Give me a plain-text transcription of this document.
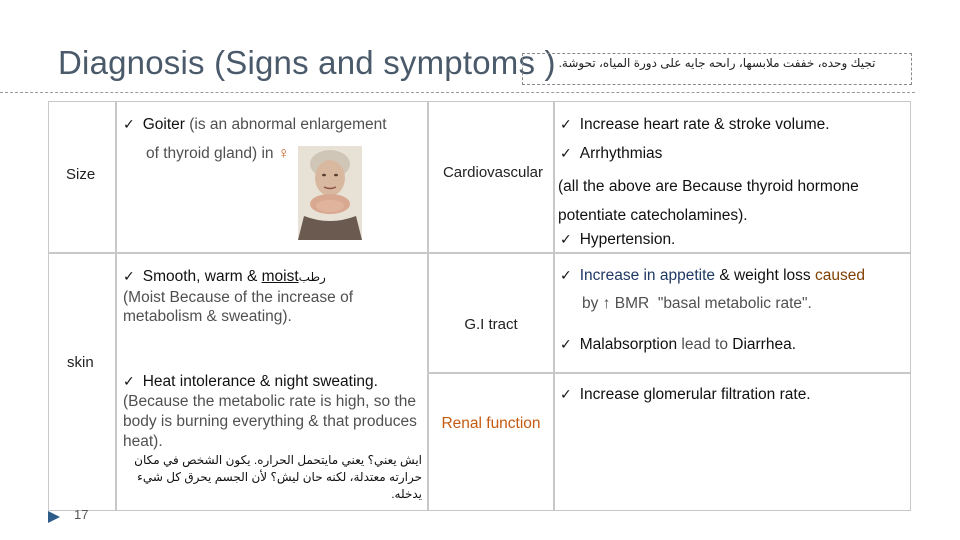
Diagnosis (Signs and symptoms ) تجيك وحده، خففت ملابسها، راىحه جايه على دورة المياه، تحوشة.
Size
✓ Goiter (is an abnormal enlargement
of thyroid gland) in ♀
Cardiovascular
✓ Increase heart rate & stroke volume.
✓ Arrhythmias
(all the above are Because thyroid hormone potentiate catecholamines).
✓ Hypertension.
skin
✓ Smooth, warm & moistرطب
(Moist Because of the increase of metabolism & sweating).
✓ Heat intolerance & night sweating.
(Because the metabolic rate is high, so the body is burning everything & that produces heat).
ايش يعني؟ يعني مايتحمل الحراره. يكون الشخص في مكان حرارته معتدلة، لكنه حان ليش؟ لأن الجسم يحرق كل شيء يدخله.
G.I tract
✓ Increase in appetite & weight loss caused
by ↑ BMR "basal metabolic rate".
✓ Malabsorption lead to Diarrhea.
Renal function
✓ Increase glomerular filtration rate.
17
